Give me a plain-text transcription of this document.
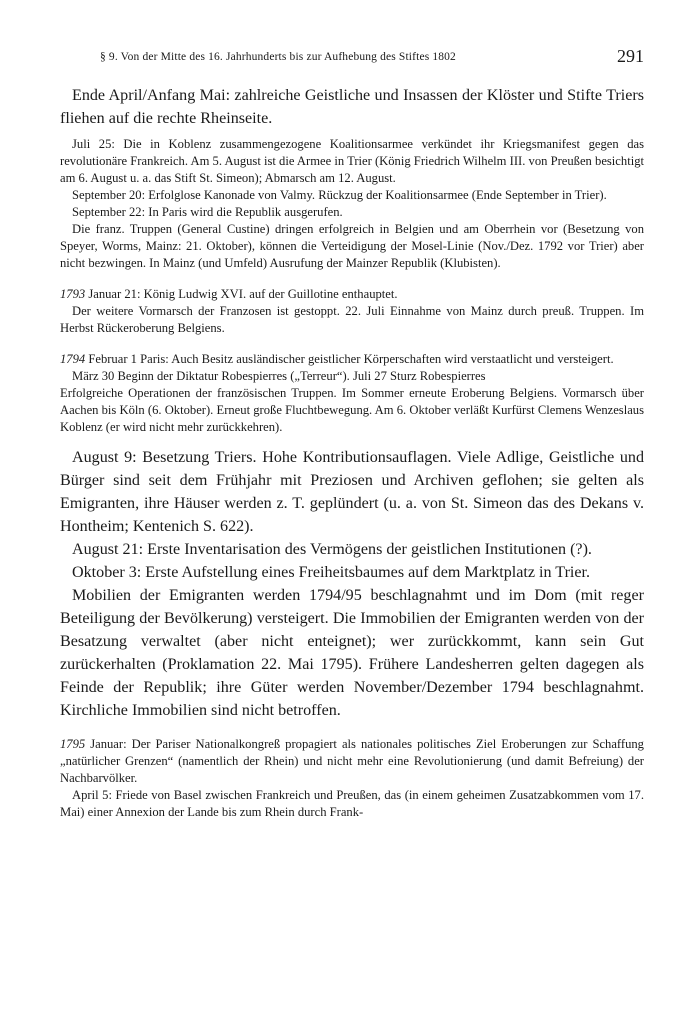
§ 9. Von der Mitte des 16. Jahrhunderts bis zur Aufhebung des Stiftes 1802	291

Ende April/Anfang Mai: zahlreiche Geistliche und Insassen der Klöster und Stifte Triers fliehen auf die rechte Rheinseite.

Juli 25: Die in Koblenz zusammengezogene Koalitionsarmee verkündet ihr Kriegsmanifest gegen das revolutionäre Frankreich. Am 5. August ist die Armee in Trier (König Friedrich Wilhelm III. von Preußen besichtigt am 6. August u. a. das Stift St. Simeon); Abmarsch am 12. August.

September 20: Erfolglose Kanonade von Valmy. Rückzug der Koalitionsarmee (Ende September in Trier).

September 22: In Paris wird die Republik ausgerufen.

Die franz. Truppen (General Custine) dringen erfolgreich in Belgien und am Oberrhein vor (Besetzung von Speyer, Worms, Mainz: 21. Oktober), können die Verteidigung der Mosel-Linie (Nov./Dez. 1792 vor Trier) aber nicht bezwingen. In Mainz (und Umfeld) Ausrufung der Mainzer Republik (Klubisten).

1793 Januar 21: König Ludwig XVI. auf der Guillotine enthauptet.

Der weitere Vormarsch der Franzosen ist gestoppt. 22. Juli Einnahme von Mainz durch preuß. Truppen. Im Herbst Rückeroberung Belgiens.

1794 Februar 1 Paris: Auch Besitz ausländischer geistlicher Körperschaften wird verstaatlicht und versteigert.

März 30 Beginn der Diktatur Robespierres („Terreur“). Juli 27 Sturz Robespierres

Erfolgreiche Operationen der französischen Truppen. Im Sommer erneute Eroberung Belgiens. Vormarsch über Aachen bis Köln (6. Oktober). Erneut große Fluchtbewegung. Am 6. Oktober verläßt Kurfürst Clemens Wenzeslaus Koblenz (er wird nicht mehr zurückkehren).

August 9: Besetzung Triers. Hohe Kontributionsauflagen. Viele Adlige, Geistliche und Bürger sind seit dem Frühjahr mit Preziosen und Archiven geflohen; sie gelten als Emigranten, ihre Häuser werden z. T. geplündert (u. a. von St. Simeon das des Dekans v. Hontheim; Kentenich S. 622).

August 21: Erste Inventarisation des Vermögens der geistlichen Institutionen (?).

Oktober 3: Erste Aufstellung eines Freiheitsbaumes auf dem Marktplatz in Trier.

Mobilien der Emigranten werden 1794/95 beschlagnahmt und im Dom (mit reger Beteiligung der Bevölkerung) versteigert. Die Immobilien der Emigranten werden von der Besatzung verwaltet (aber nicht enteignet); wer zurückkommt, kann sein Gut zurückerhalten (Proklamation 22. Mai 1795). Frühere Landesherren gelten dagegen als Feinde der Republik; ihre Güter werden November/Dezember 1794 beschlagnahmt. Kirchliche Immobilien sind nicht betroffen.

1795 Januar: Der Pariser Nationalkongreß propagiert als nationales politisches Ziel Eroberungen zur Schaffung „natürlicher Grenzen“ (namentlich der Rhein) und nicht mehr eine Revolutionierung (und damit Befreiung) der Nachbarvölker.

April 5: Friede von Basel zwischen Frankreich und Preußen, das (in einem geheimen Zusatzabkommen vom 17. Mai) einer Annexion der Lande bis zum Rhein durch Frank-
